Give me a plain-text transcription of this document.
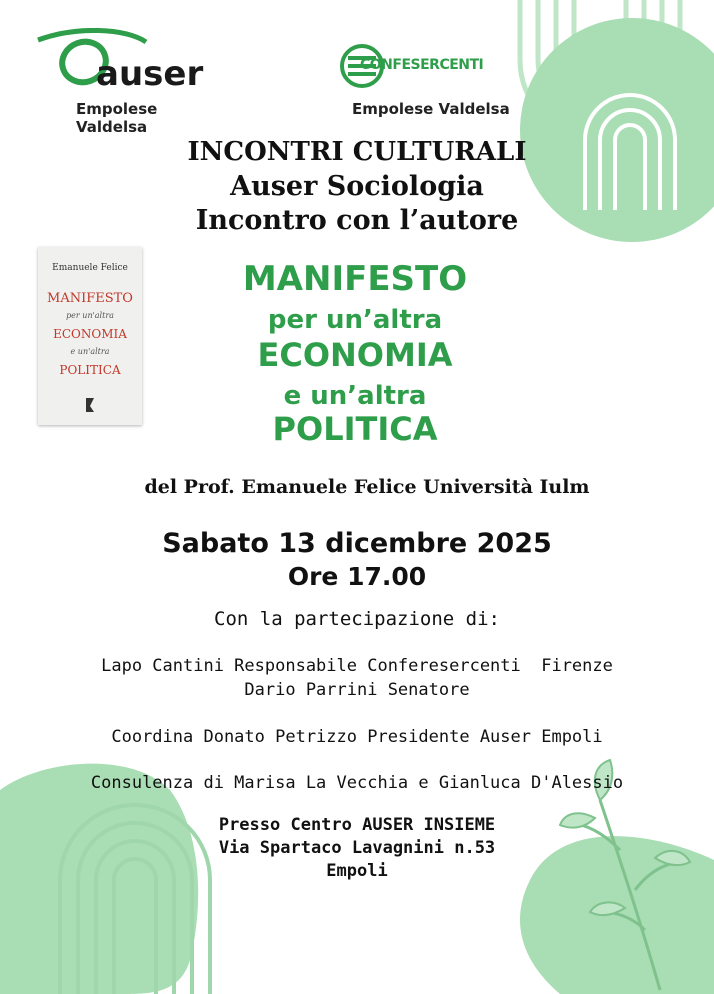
auser
Empolese Valdelsa
CONFESERCENTI
Empolese Valdelsa
INCONTRI CULTURALI
Auser Sociologia
Incontro con l’autore
Emanuele Felice
MANIFESTO
per un'altra
ECONOMIA
e un'altra
POLITICA
MANIFESTO
per un’altra
ECONOMIA
e un’altra
POLITICA
del Prof. Emanuele Felice Università Iulm
Sabato 13 dicembre 2025
Ore 17.00
Con la partecipazione di:
Lapo Cantini Responsabile Conferesercenti  Firenze
Dario Parrini Senatore
Coordina Donato Petrizzo Presidente Auser Empoli
Consulenza di Marisa La Vecchia e Gianluca D'Alessio
Presso Centro AUSER INSIEME
Via Spartaco Lavagnini n.53
Empoli
